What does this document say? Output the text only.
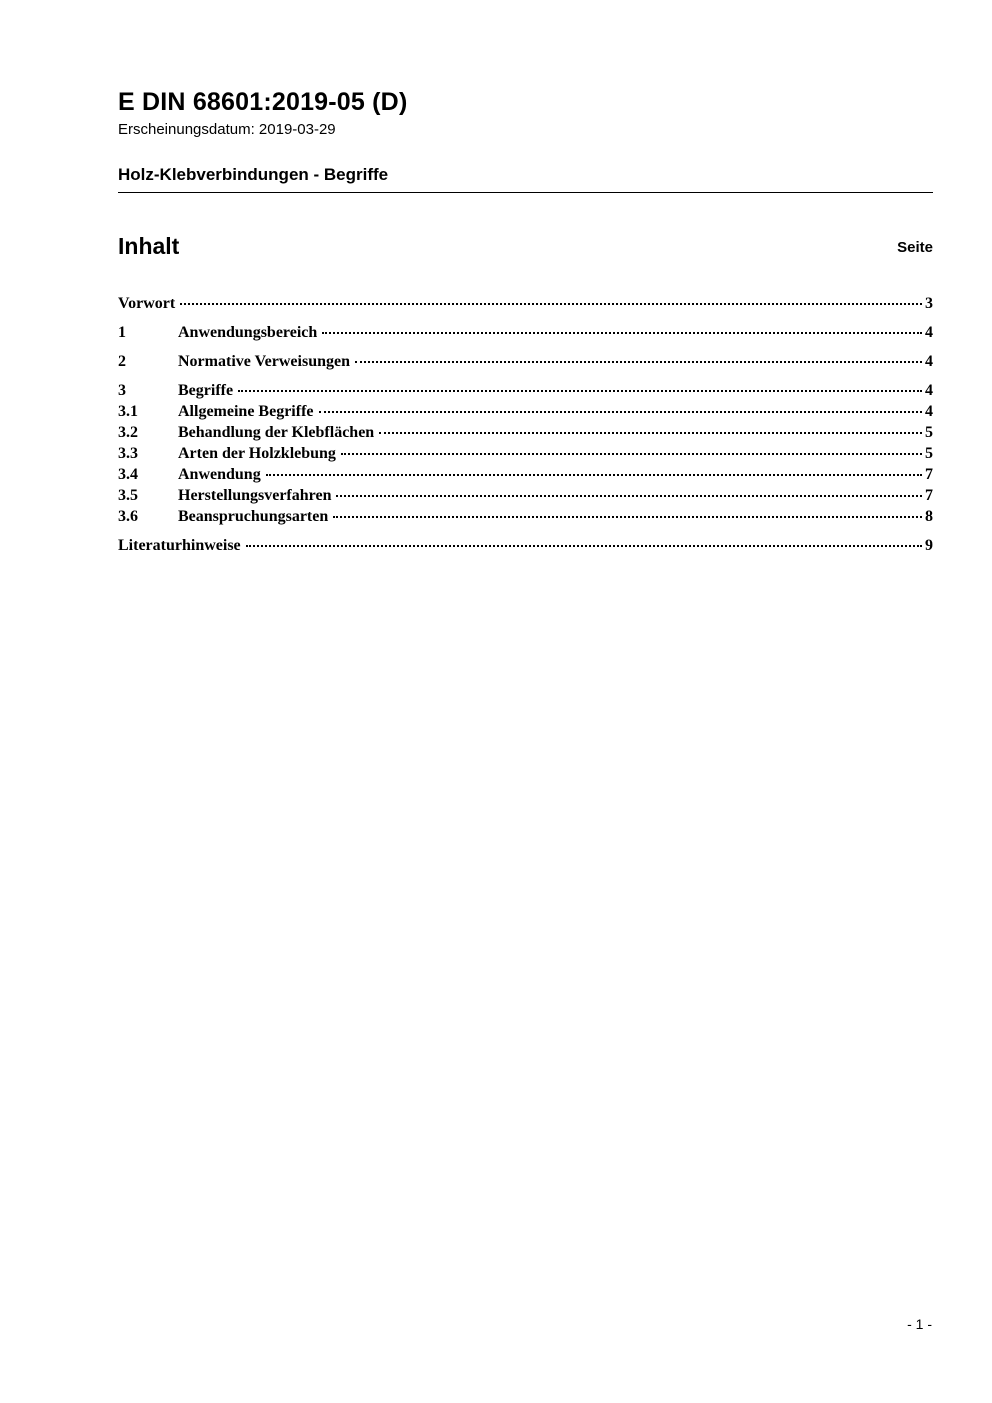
E DIN 68601:2019-05 (D)
Erscheinungsdatum: 2019-03-29
Holz-Klebverbindungen - Begriffe
Inhalt	Seite
Vorwort	3
1	Anwendungsbereich	4
2	Normative Verweisungen	4
3	Begriffe	4
3.1	Allgemeine Begriffe	4
3.2	Behandlung der Klebflächen	5
3.3	Arten der Holzklebung	5
3.4	Anwendung	7
3.5	Herstellungsverfahren	7
3.6	Beanspruchungsarten	8
Literaturhinweise	9
- 1 -
